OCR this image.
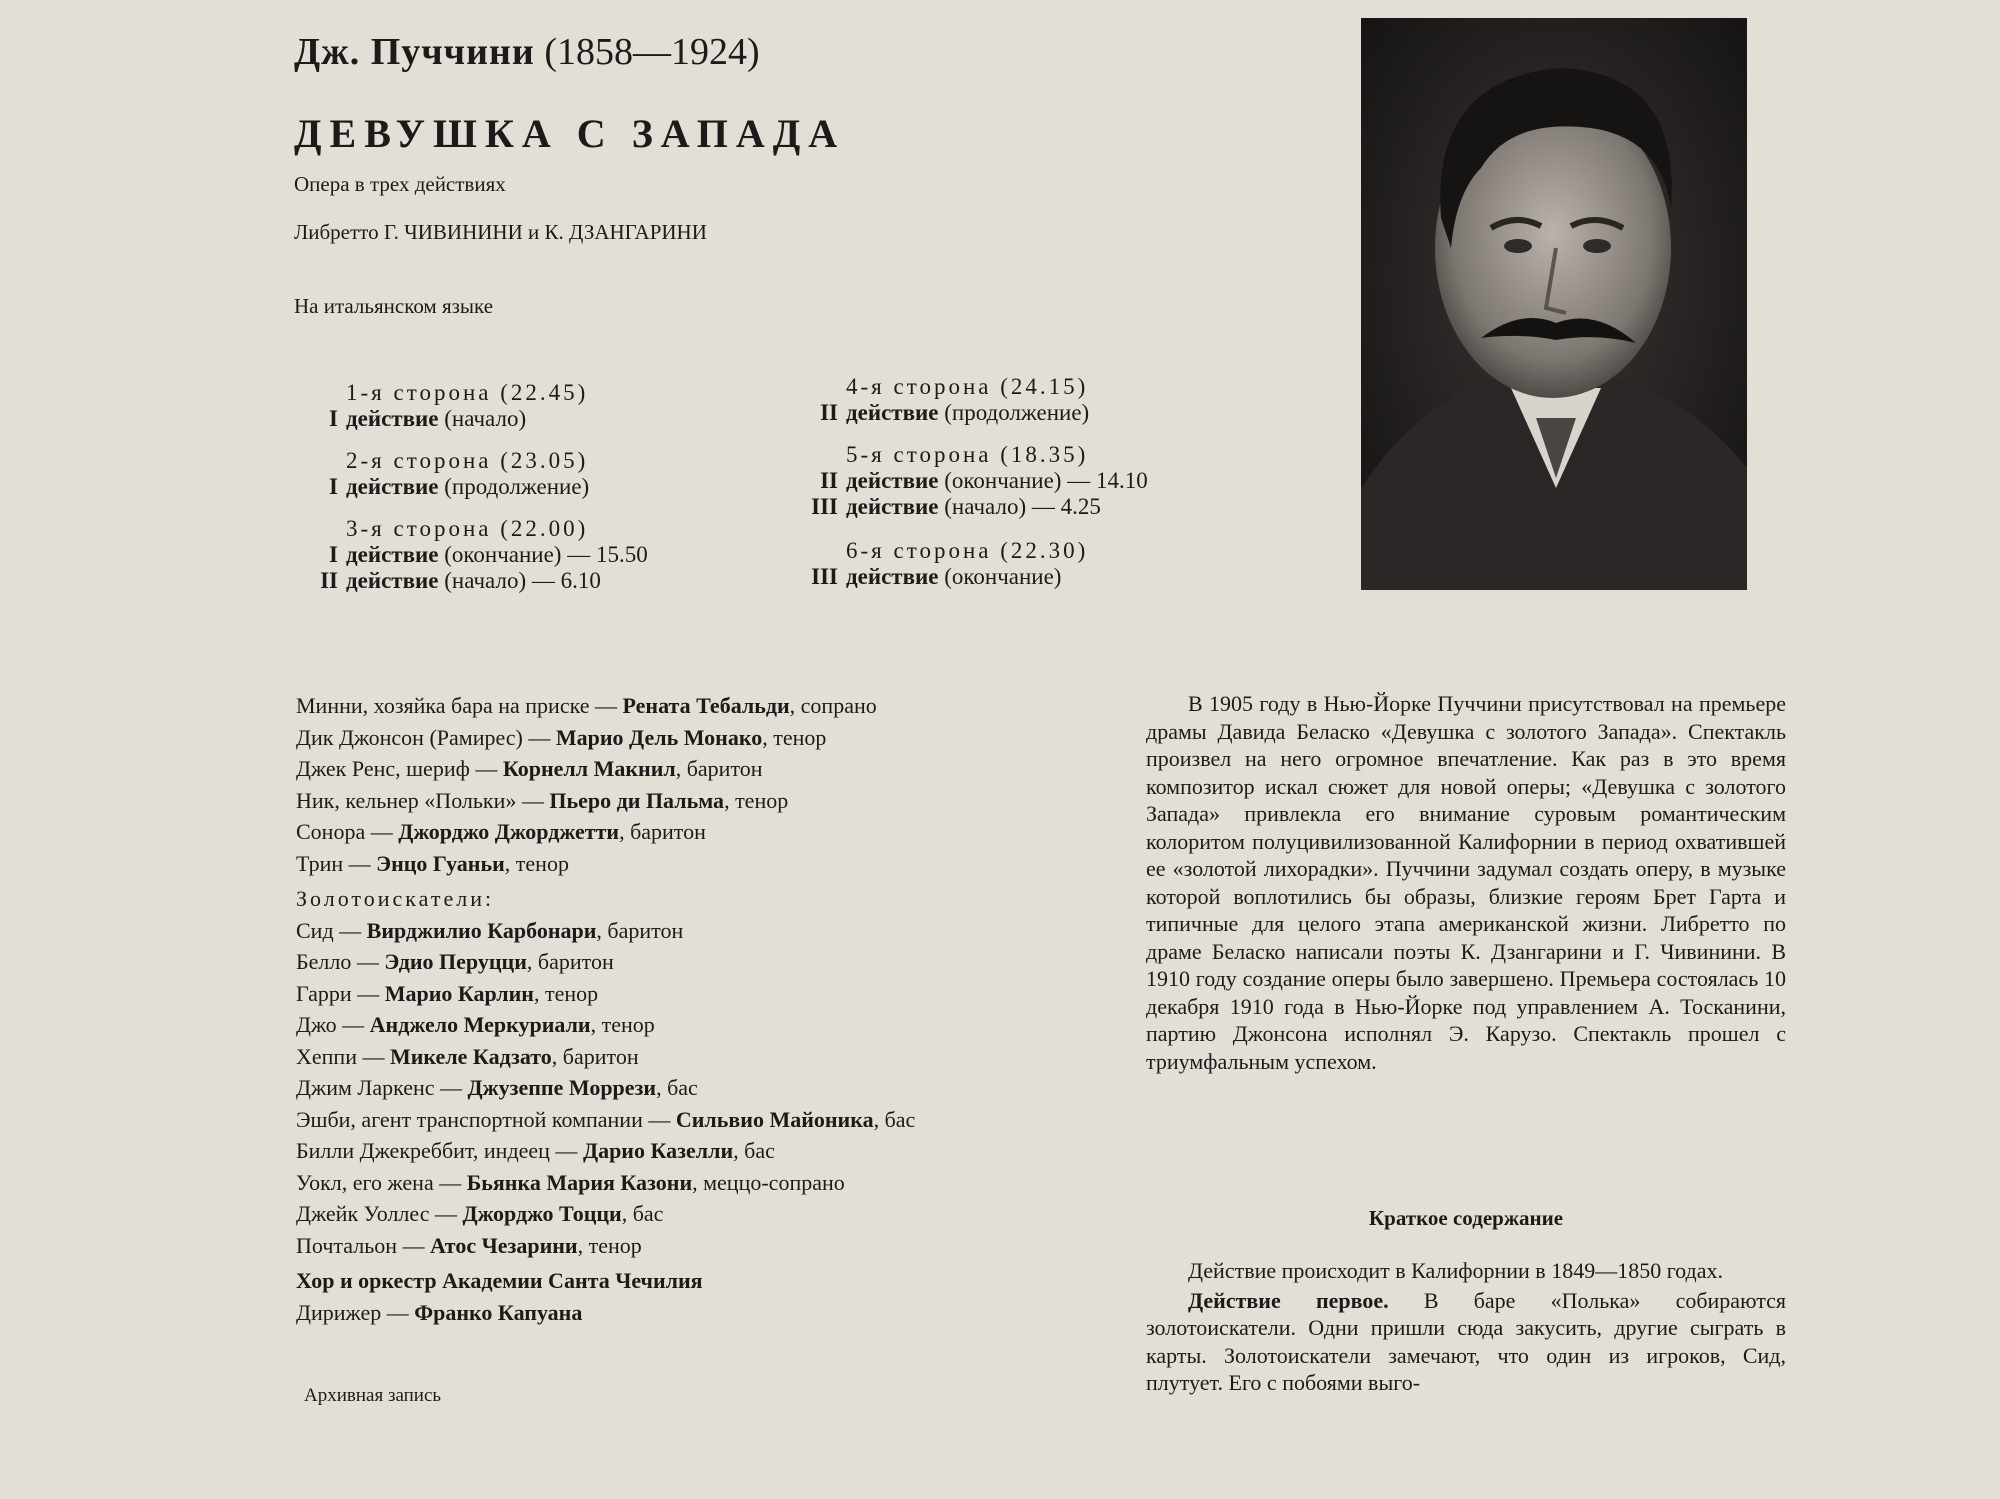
Дж. Пуччини (1858—1924)
ДЕВУШКА С ЗАПАДА
Опера в трех действиях
Либретто Г. ЧИВИНИНИ и К. ДЗАНГАРИНИ
На итальянском языке
1-я сторона (22.45)
I действие (начало)
2-я сторона (23.05)
I действие (продолжение)
3-я сторона (22.00)
I действие (окончание) — 15.50
II действие (начало) — 6.10
4-я сторона (24.15)
II действие (продолжение)
5-я сторона (18.35)
II действие (окончание) — 14.10
III действие (начало) — 4.25
6-я сторона (22.30)
III действие (окончание)
Минни, хозяйка бара на приске — Рената Тебальди, сопрано
Дик Джонсон (Рамирес) — Марио Дель Монако, тенор
Джек Ренс, шериф — Корнелл Макнил, баритон
Ник, кельнер «Польки» — Пьеро ди Пальма, тенор
Сонора — Джорджо Джорджетти, баритон
Трин — Энцо Гуаньи, тенор
Золотоискатели:
Сид — Вирджилио Карбонари, баритон
Белло — Эдио Перуцци, баритон
Гарри — Марио Карлин, тенор
Джо — Анджело Меркуриали, тенор
Хеппи — Микеле Кадзато, баритон
Джим Ларкенс — Джузеппе Моррези, бас
Эшби, агент транспортной компании — Сильвио Майоника, бас
Билли Джекреббит, индеец — Дарио Казелли, бас
Уокл, его жена — Бьянка Мария Казони, меццо-сопрано
Джейк Уоллес — Джорджо Тоцци, бас
Почтальон — Атос Чезарини, тенор
Хор и оркестр Академии Санта Чечилия
Дирижер — Франко Капуана
Архивная запись

В 1905 году в Нью-Йорке Пуччини присутствовал на премьере драмы Давида Беласко «Девушка с золотого Запада». Спектакль произвел на него огромное впечатление. Как раз в это время композитор искал сюжет для новой оперы; «Девушка с золотого Запада» привлекла его внимание суровым романтическим колоритом полуцивилизованной Калифорнии в период охватившей ее «золотой лихорадки». Пуччини задумал создать оперу, в музыке которой воплотились бы образы, близкие героям Брет Гарта и типичные для целого этапа американской жизни. Либретто по драме Беласко написали поэты К. Дзангарини и Г. Чивинини. В 1910 году создание оперы было завершено. Премьера состоялась 10 декабря 1910 года в Нью-Йорке под управлением А. Тосканини, партию Джонсона исполнял Э. Карузо. Спектакль прошел с триумфальным успехом.

Краткое содержание

Действие происходит в Калифорнии в 1849—1850 годах.

Действие первое. В баре «Полька» собираются золотоискатели. Одни пришли сюда закусить, другие сыграть в карты. Золотоискатели замечают, что один из игроков, Сид, плутует. Его с побоями выго-
